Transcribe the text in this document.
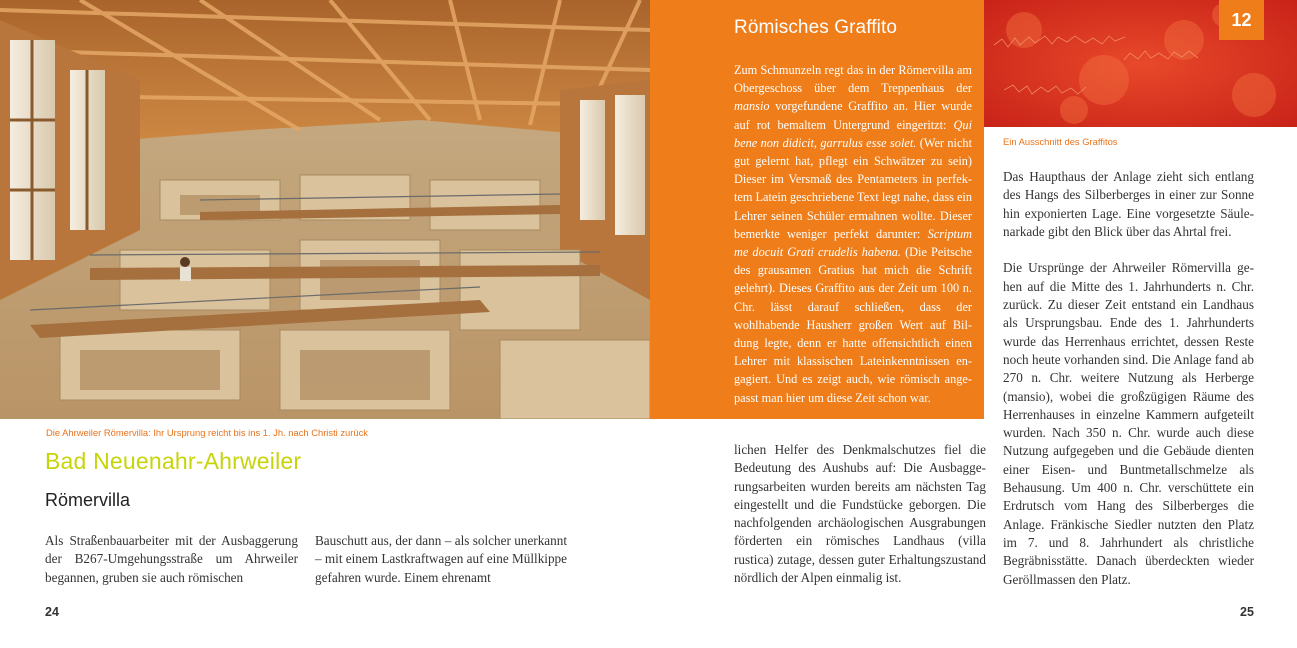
Die Ahrweiler Römervilla: Ihr Ursprung reicht bis ins 1. Jh. nach Christi zurück
Römisches Graffito
Zum Schmunzeln regt das in der Römervilla am Obergeschoss über dem Treppenhaus der mansio vorgefundene Graffito an. Hier wurde auf rot bemaltem Untergrund eingeritzt: Qui bene non didicit, garrulus esse solet. (Wer nicht gut gelernt hat, pflegt ein Schwätzer zu sein) Dieser im Versmaß des Pentameters in perfektem Latein geschriebene Text legt nahe, dass ein Lehrer seinen Schüler ermahnen wollte. Dieser bemerkte weniger perfekt darunter: Scriptum me docuit Grati crudelis habena. (Die Peitsche des grausamen Gratius hat mich die Schrift gelehrt). Dieses Graffito aus der Zeit um 100 n. Chr. lässt darauf schließen, dass der wohlhabende Hausherr großen Wert auf Bildung legte, denn er hatte offensichtlich einen Lehrer mit klassischen Lateinkenntnissen engagiert. Und es zeigt auch, wie römisch angepasst man hier um diese Zeit schon war.
12
Ein Ausschnitt des Graffitos
Bad Neuenahr-Ahrweiler
Römervilla
Als Straßenbauarbeiter mit der Ausbaggerung der B267-Umgehungsstraße um Ahrweiler begannen, gruben sie auch römischen
Bauschutt aus, der dann – als solcher unerkannt – mit einem Lastkraftwagen auf eine Müllkippe gefahren wurde. Einem ehrenamt
lichen Helfer des Denkmalschutzes fiel die Bedeutung des Aushubs auf: Die Ausbaggerungsarbeiten wurden bereits am nächsten Tag eingestellt und die Fundstücke geborgen. Die nachfolgenden archäologischen Ausgrabungen förderten ein römisches Landhaus (villa rustica) zutage, dessen guter Erhaltungszustand nördlich der Alpen einmalig ist.

Das Haupthaus der Anlage zieht sich entlang des Hangs des Silberberges in einer zur Sonne hin exponierten Lage. Eine vorgesetzte Säulenarkade gibt den Blick über das Ahrtal frei.

Die Ursprünge der Ahrweiler Römervilla gehen auf die Mitte des 1. Jahrhunderts n. Chr. zurück. Zu dieser Zeit entstand ein Landhaus als Ursprungsbau. Ende des 1. Jahrhunderts wurde das Herrenhaus errichtet, dessen Reste noch heute vorhanden sind. Die Anlage fand ab 270 n. Chr. weitere Nutzung als Herberge (mansio), wobei die großzügigen Räume des Herrenhauses in einzelne Kammern aufgeteilt wurden. Nach 350 n. Chr. wurde auch diese Nutzung aufgegeben und die Gebäude dienten einer Eisen- und Buntmetallschmelze als Behausung. Um 400 n. Chr. verschüttete ein Erdrutsch vom Hang des Silberberges die Anlage. Fränkische Siedler nutzten den Platz im 7. und 8. Jahrhundert als christliche Begräbnisstätte. Danach überdeckten wieder Geröllmassen den Platz.

24	25
